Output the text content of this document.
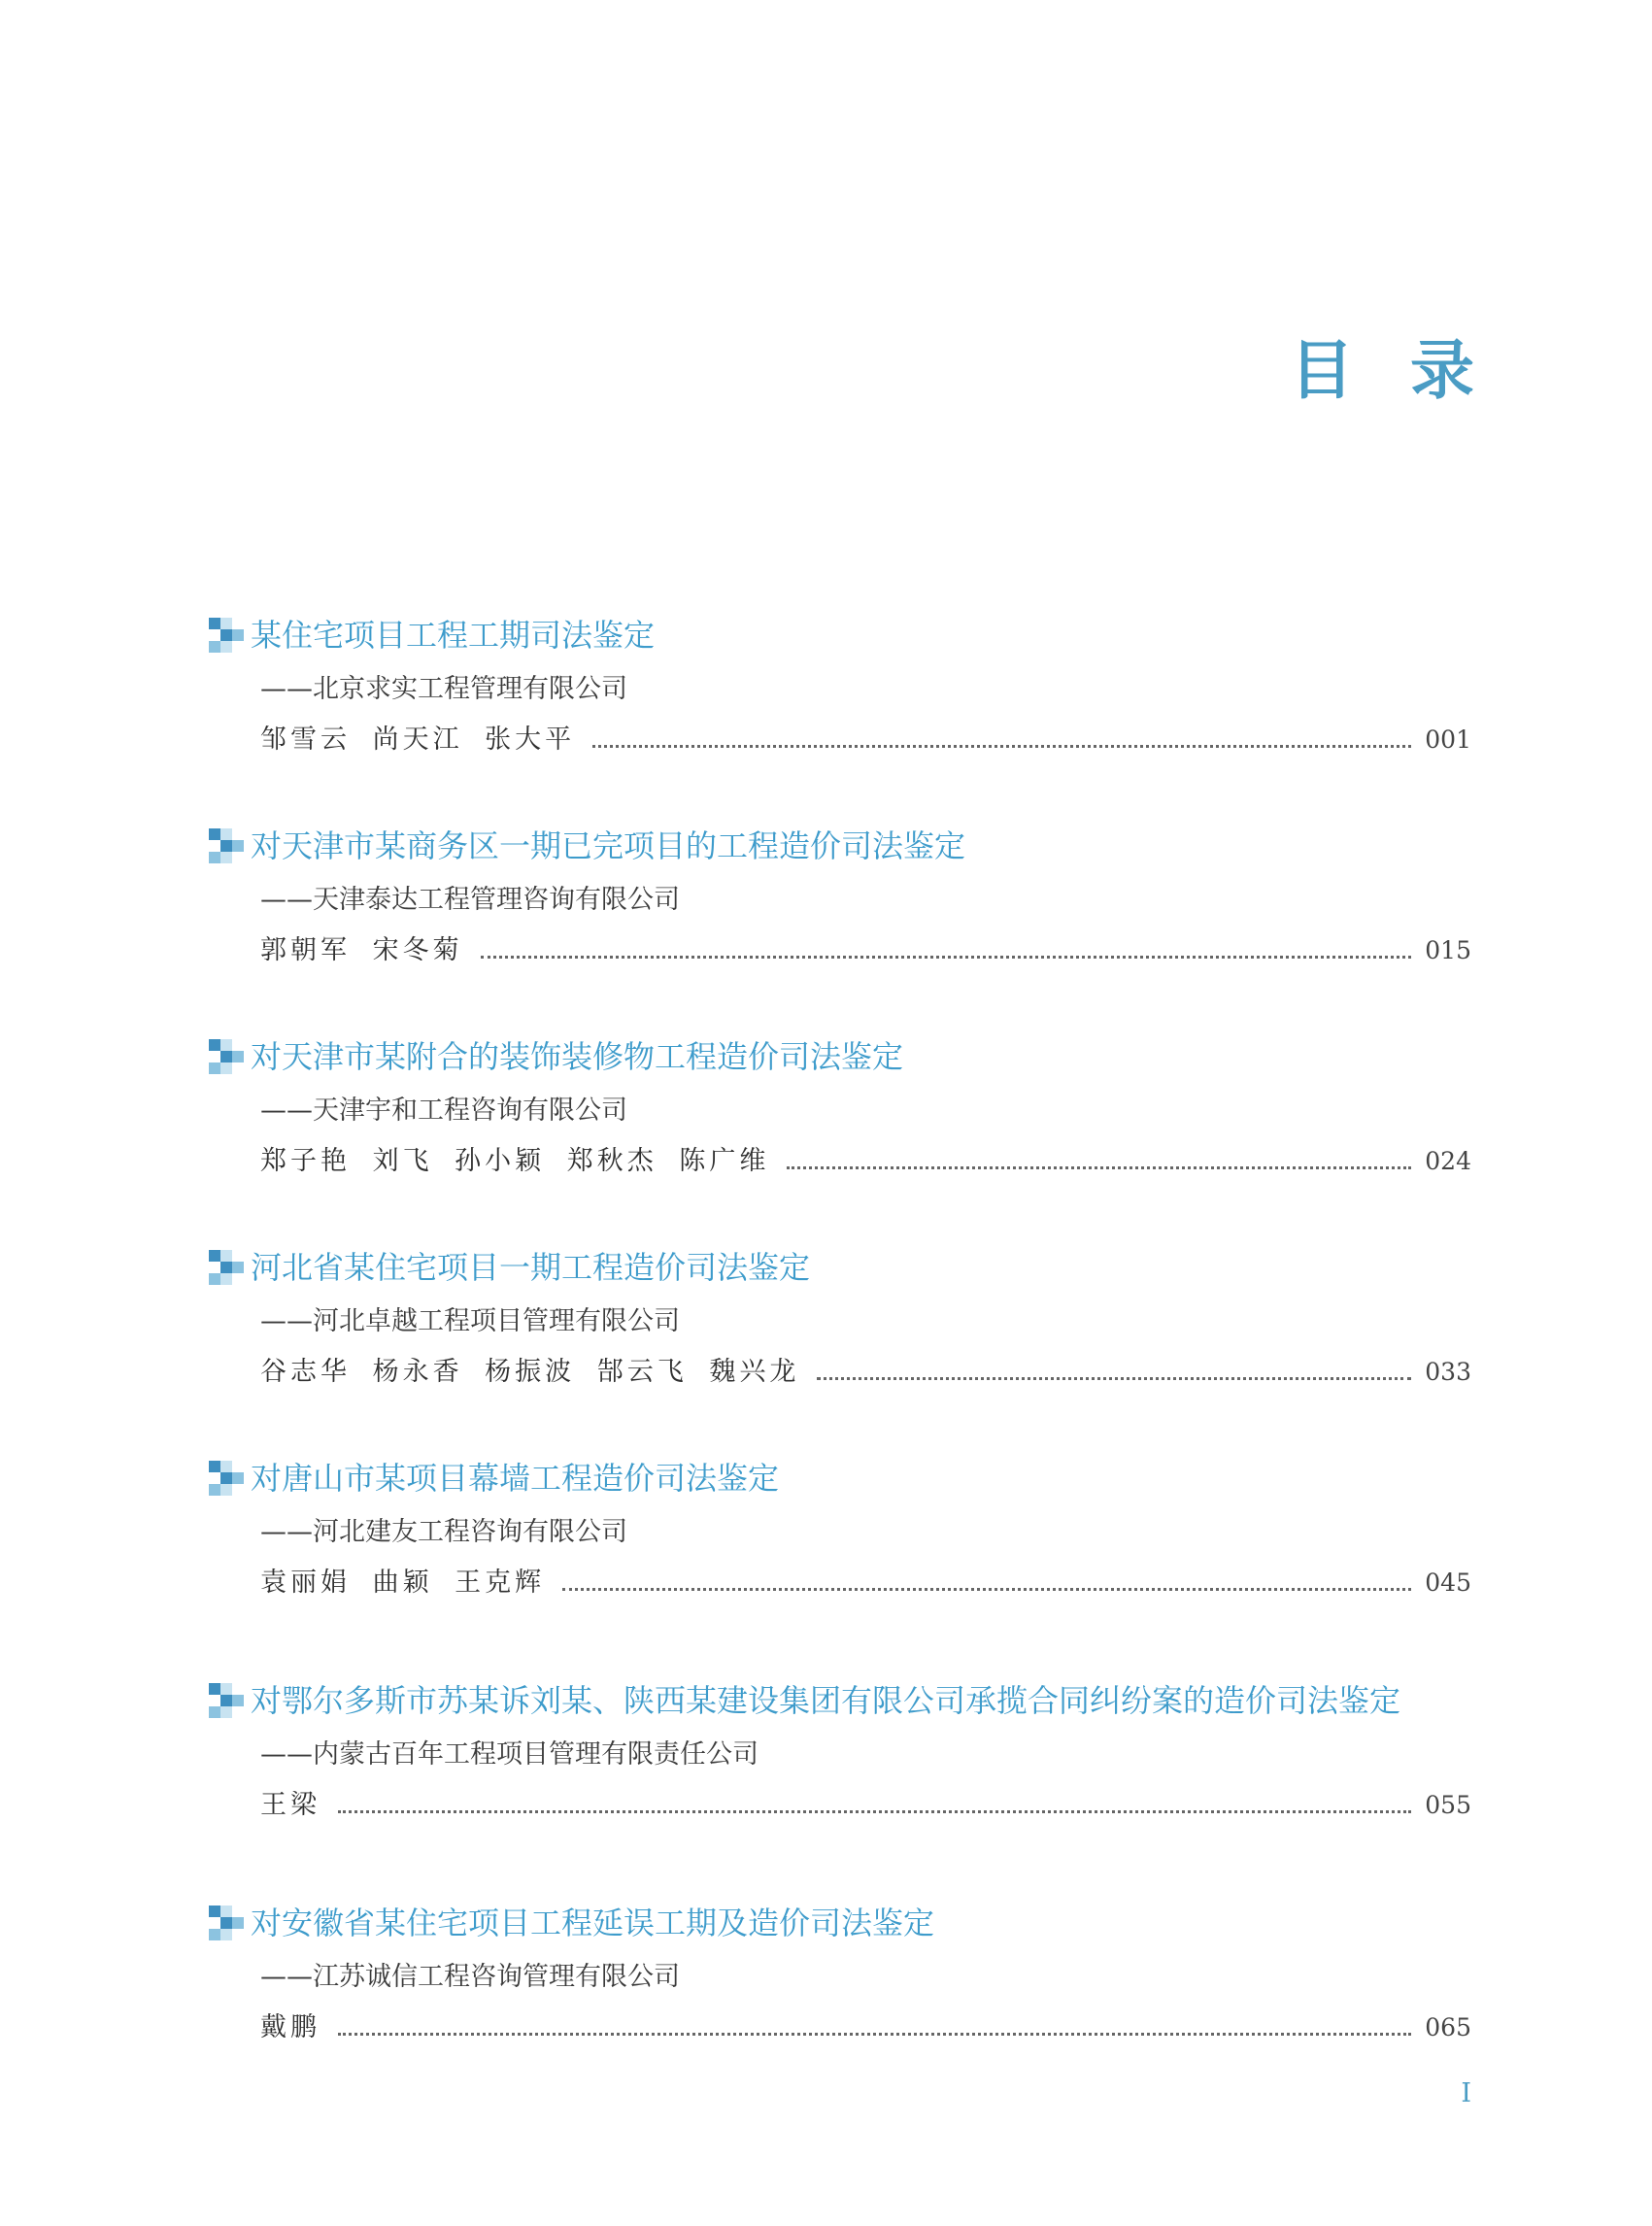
目录
某住宅项目工程工期司法鉴定
——北京求实工程管理有限公司
邹雪云 尚天江 张大平	001
对天津市某商务区一期已完项目的工程造价司法鉴定
——天津泰达工程管理咨询有限公司
郭朝军 宋冬菊	015
对天津市某附合的装饰装修物工程造价司法鉴定
——天津宇和工程咨询有限公司
郑子艳 刘飞 孙小颖 郑秋杰 陈广维	024
河北省某住宅项目一期工程造价司法鉴定
——河北卓越工程项目管理有限公司
谷志华 杨永香 杨振波 郜云飞 魏兴龙	033
对唐山市某项目幕墙工程造价司法鉴定
——河北建友工程咨询有限公司
袁丽娟 曲颖 王克辉	045
对鄂尔多斯市苏某诉刘某、陕西某建设集团有限公司承揽合同纠纷案的造价司法鉴定
——内蒙古百年工程项目管理有限责任公司
王梁	055
对安徽省某住宅项目工程延误工期及造价司法鉴定
——江苏诚信工程咨询管理有限公司
戴鹏	065
I
